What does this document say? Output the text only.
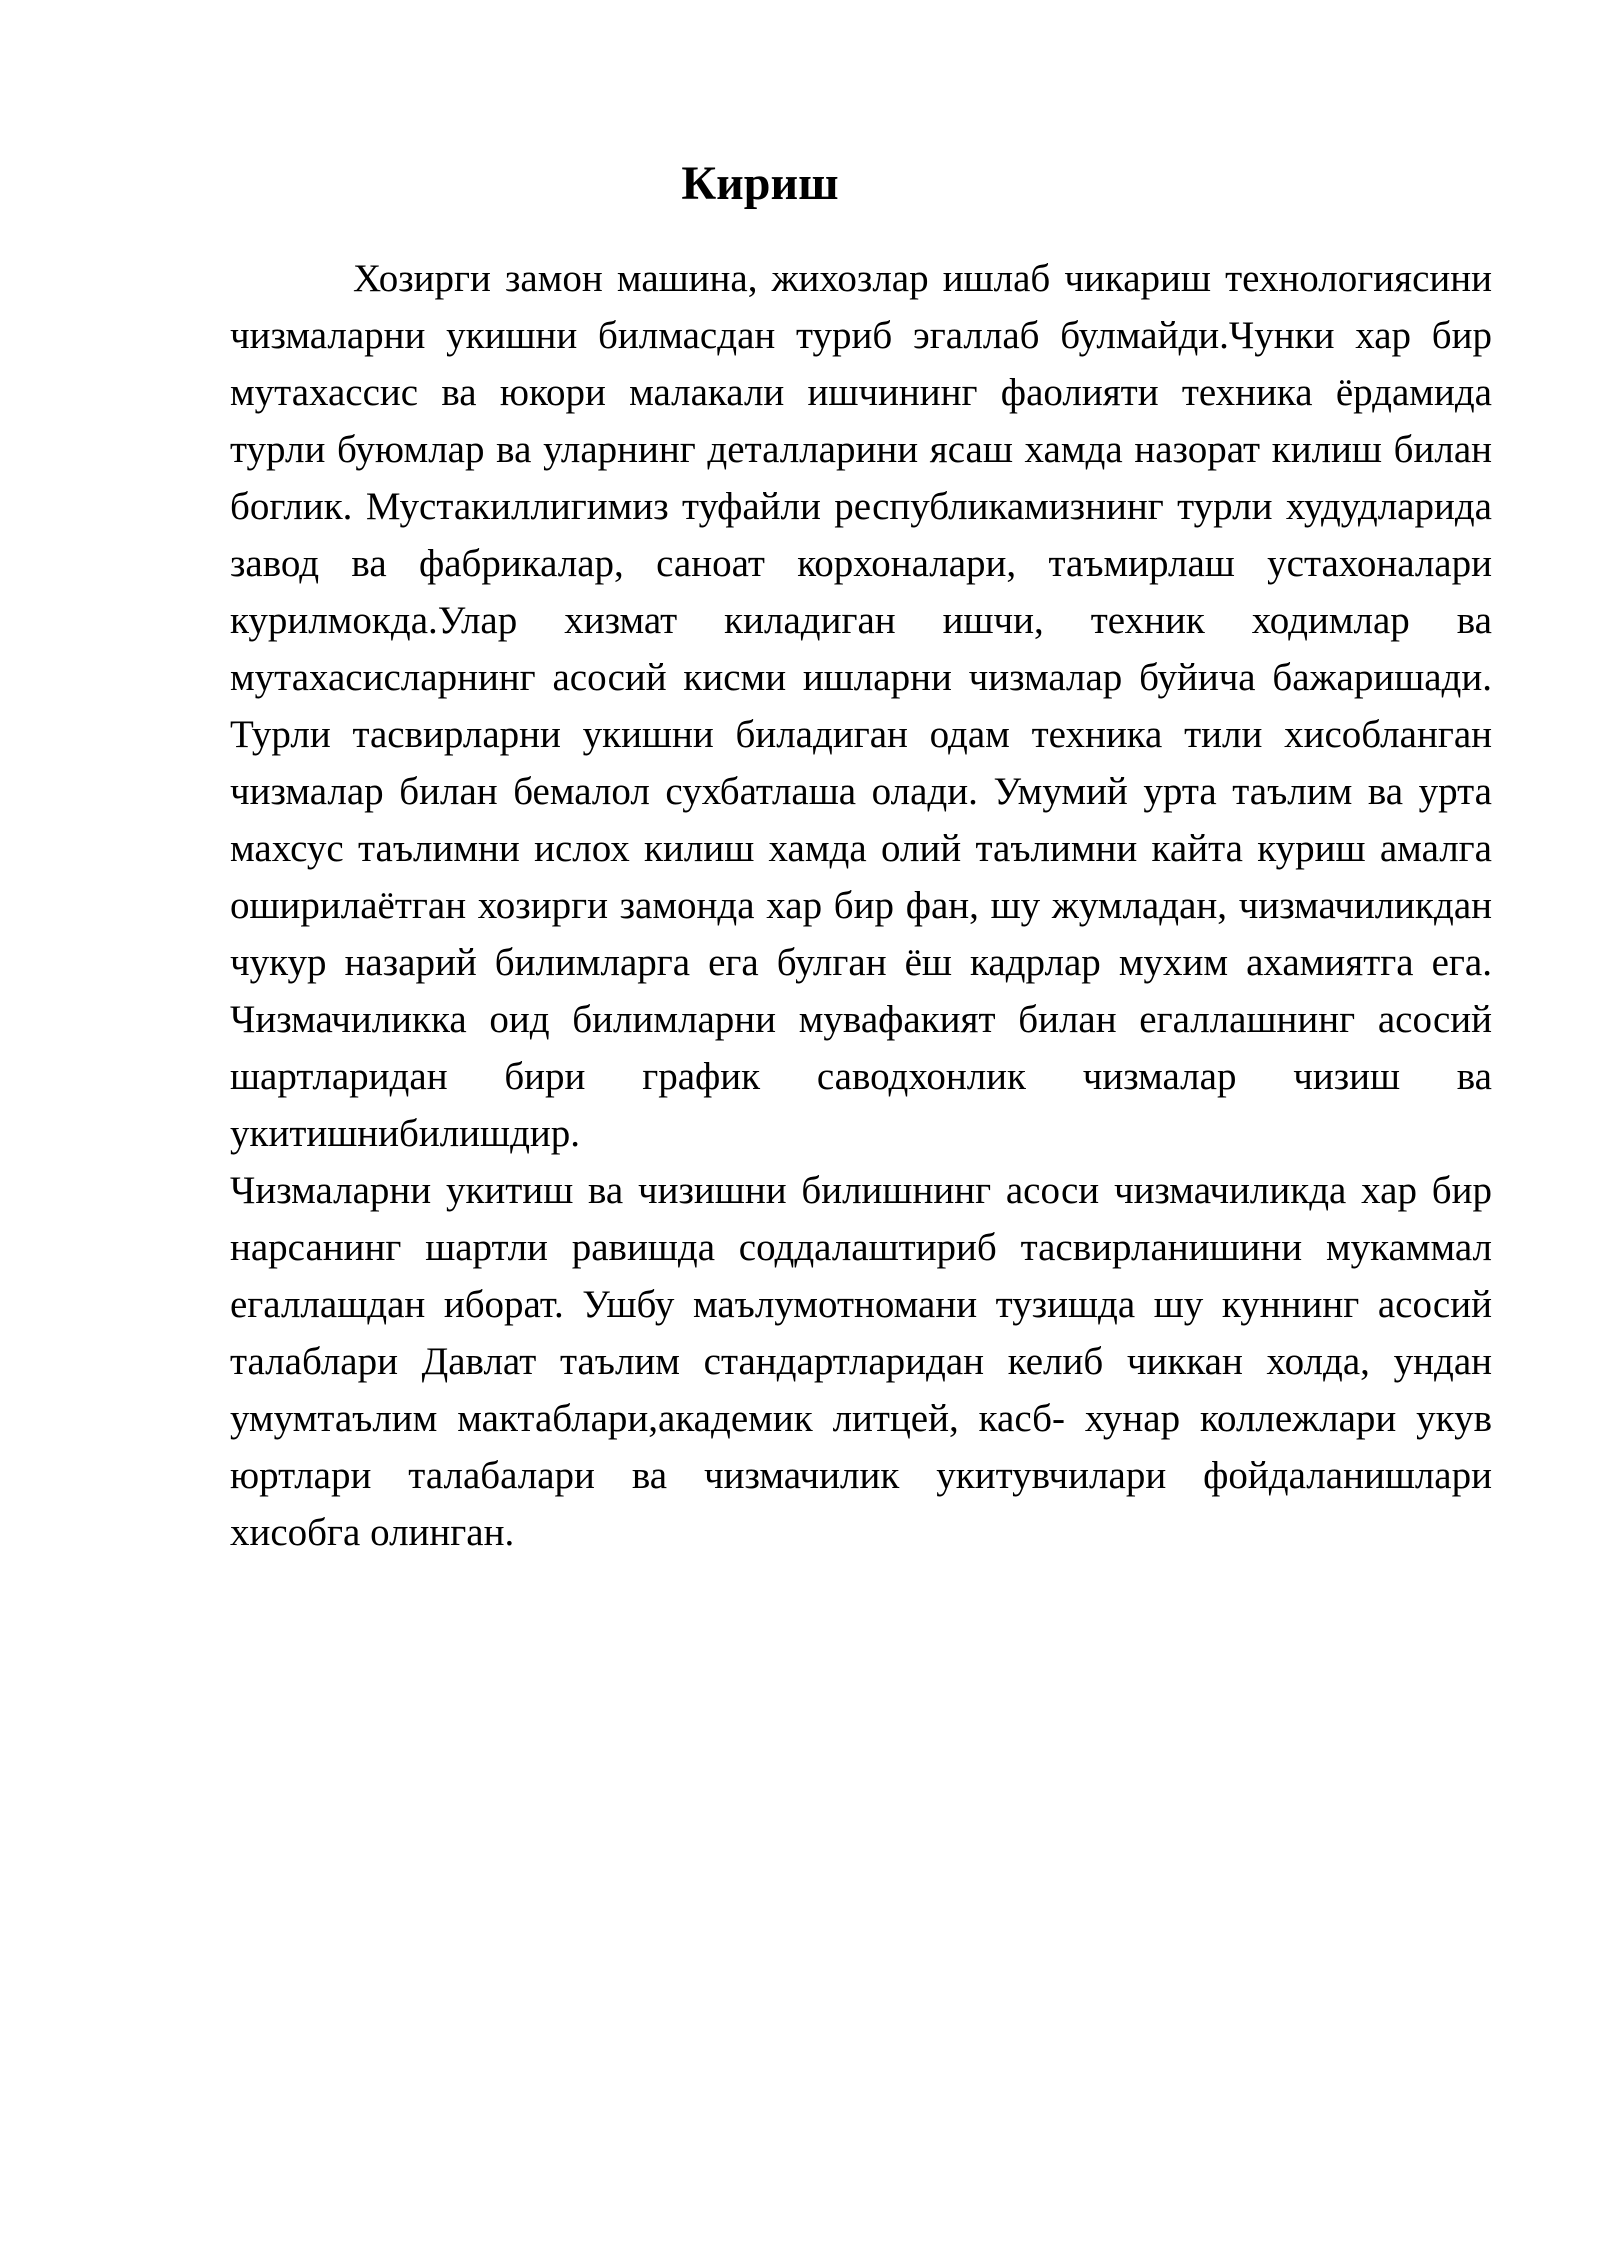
Кириш

Хозирги замон машина, жихозлар ишлаб чикариш технологиясини чизмаларни укишни билмасдан туриб эгаллаб булмайди.Чунки хар бир мутахассис ва юкори малакали ишчининг фаолияти техника ёрдамида турли буюмлар ва уларнинг деталларини ясаш хамда назорат килиш билан боглик. Мустакиллигимиз туфайли республикамизнинг турли худудларида завод ва фабрикалар, саноат корхоналари, таъмирлаш устахоналари курилмокда.Улар хизмат киладиган ишчи, техник ходимлар ва мутахасисларнинг асосий кисми ишларни чизмалар буйича бажаришади. Турли тасвирларни укишни биладиган одам техника тили хисобланган чизмалар билан бемалол сухбатлаша олади. Умумий урта таълим ва урта махсус таълимни ислох килиш хамда олий таълимни кайта куриш амалга оширилаётган хозирги замонда хар бир фан, шу жумладан, чизмачиликдан чукур назарий билимларга ега булган ёш кадрлар мухим ахамиятга ега. Чизмачиликка оид билимларни мувафакият билан егаллашнинг асосий шартларидан бири график саводхонлик чизмалар чизиш ва укитишнибилишдир.

Чизмаларни укитиш ва чизишни билишнинг асоси чизмачиликда хар бир нарсанинг шартли равишда соддалаштириб тасвирланишини мукаммал егаллашдан иборат. Ушбу маълумотномани тузишда шу куннинг асосий талаблари Давлат таълим стандартларидан келиб чиккан холда, ундан умумтаълим мактаблари,академик литцей, касб- хунар коллежлари укув юртлари талабалари ва чизмачилик укитувчилари фойдаланишлари хисобга олинган.
